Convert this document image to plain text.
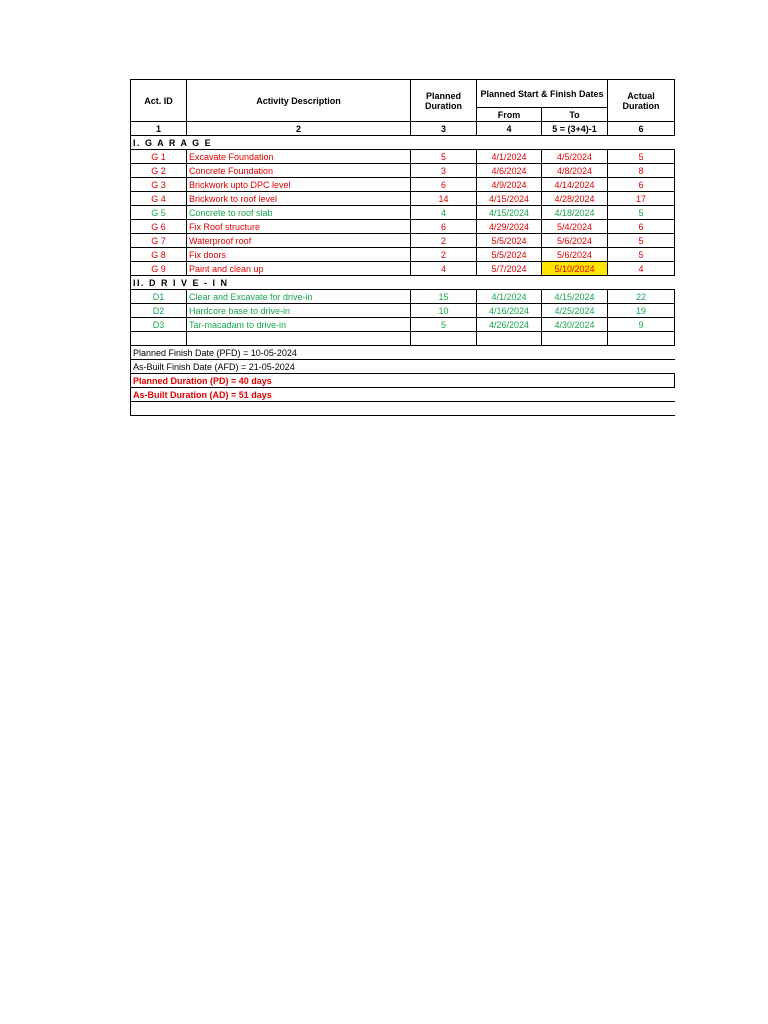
Act. ID	Activity Description	Planned Duration	Planned Start & Finish Dates		Actual Duration
			From	To	
1	2	3	4	5 = (3+4)-1	6
I. G A R A G E					
G 1	Excavate Foundation	5	4/1/2024	4/5/2024	5
G 2	Concrete Foundation	3	4/6/2024	4/8/2024	8
G 3	Brickwork upto DPC level	6	4/9/2024	4/14/2024	6
G 4	Brickwork to roof level	14	4/15/2024	4/28/2024	17
G 5	Concrete to roof slab	4	4/15/2024	4/18/2024	5
G 6	Fix Roof structure	6	4/29/2024	5/4/2024	6
G 7	Waterproof roof	2	5/5/2024	5/6/2024	5
G 8	Fix doors	2	5/5/2024	5/6/2024	5
G 9	Paint and clean up	4	5/7/2024	5/10/2024	4
II. D R I V E - I N					
D1	Clear and Excavate for drive-in	15	4/1/2024	4/15/2024	22
D2	Hardcore base to drive-in	10	4/16/2024	4/25/2024	19
D3	Tar-macadam to drive-in	5	4/26/2024	4/30/2024	9

Planned Finish Date (PFD) = 10-05-2024					
As-Built Finish Date (AFD) = 21-05-2024					
Planned Duration (PD) = 40 days					
As-Built Duration (AD) = 51 days					
